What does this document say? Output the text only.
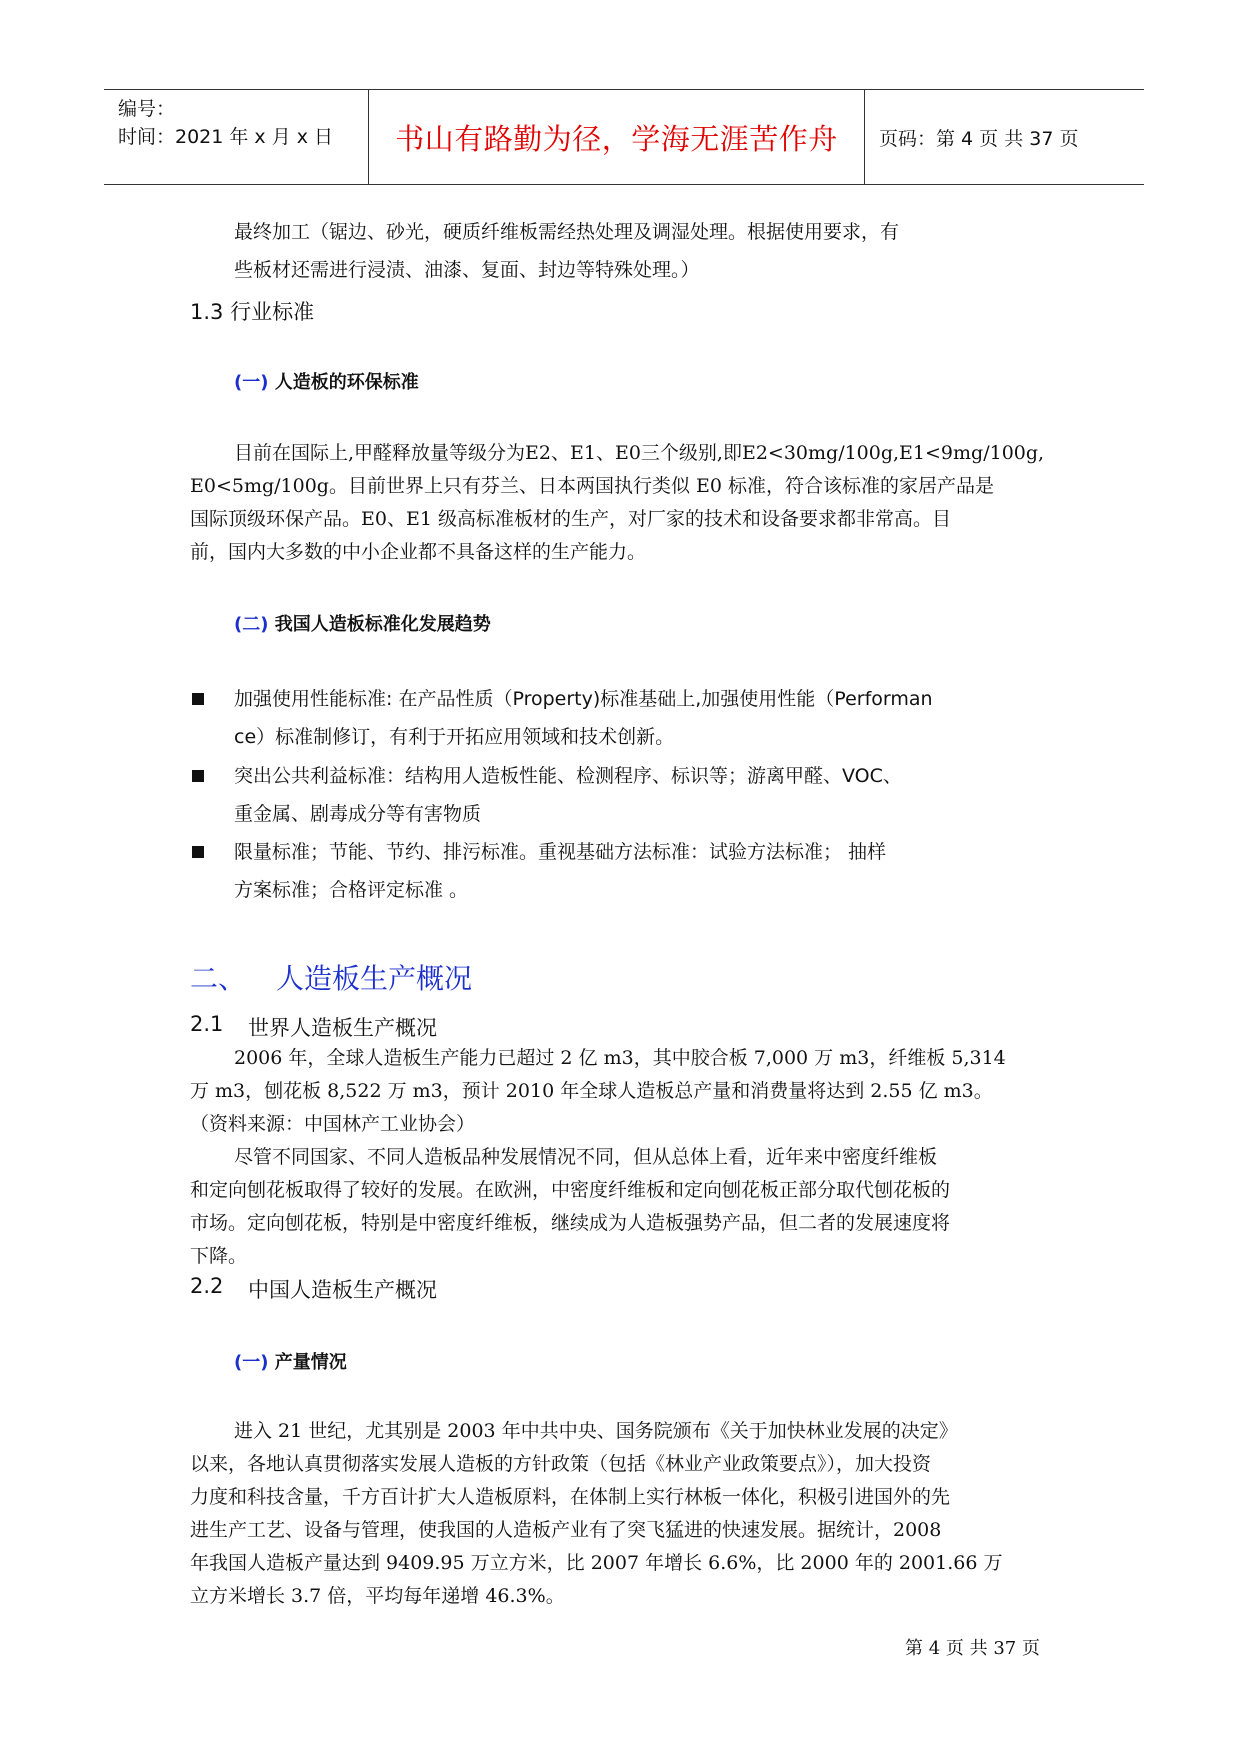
编号：
时间：2021 年 x 月 x 日 书山有路勤为径，学海无涯苦作舟 页码：第 4 页 共 37 页
最终加工（锯边、砂光，硬质纤维板需经热处理及调湿处理。根据使用要求，有
些板材还需进行浸渍、油漆、复面、封边等特殊处理。）
1.3 行业标准
(一) 人造板的环保标准
目前在国际上,甲醛释放量等级分为E2、E1、E0三个级别,即E2<30mg/100g,E1<9mg/100g,
E0<5mg/100g。目前世界上只有芬兰、日本两国执行类似 E0 标准，符合该标准的家居产品是
国际顶级环保产品。E0、E1 级高标准板材的生产，对厂家的技术和设备要求都非常高。目
前，国内大多数的中小企业都不具备这样的生产能力。
(二) 我国人造板标准化发展趋势
加强使用性能标准: 在产品性质（Property)标准基础上,加强使用性能（Performan
ce）标准制修订，有利于开拓应用领域和技术创新。
突出公共利益标准：结构用人造板性能、检测程序、标识等；游离甲醛、VOC、
重金属、剧毒成分等有害物质
限量标准；节能、节约、排污标准。重视基础方法标准：试验方法标准； 抽样
方案标准；合格评定标准 。
二、 人造板生产概况
2.1 世界人造板生产概况
2006 年，全球人造板生产能力已超过 2 亿 m3，其中胶合板 7,000 万 m3，纤维板 5,314
万 m3，刨花板 8,522 万 m3，预计 2010 年全球人造板总产量和消费量将达到 2.55 亿 m3。
（资料来源：中国林产工业协会）
尽管不同国家、不同人造板品种发展情况不同，但从总体上看，近年来中密度纤维板
和定向刨花板取得了较好的发展。在欧洲，中密度纤维板和定向刨花板正部分取代刨花板的
市场。定向刨花板，特别是中密度纤维板，继续成为人造板强势产品，但二者的发展速度将
下降。
2.2 中国人造板生产概况
(一) 产量情况
进入 21 世纪，尤其别是 2003 年中共中央、国务院颁布《关于加快林业发展的决定》
以来，各地认真贯彻落实发展人造板的方针政策（包括《林业产业政策要点》），加大投资
力度和科技含量，千方百计扩大人造板原料，在体制上实行林板一体化，积极引进国外的先
进生产工艺、设备与管理，使我国的人造板产业有了突飞猛进的快速发展。据统计，2008
年我国人造板产量达到 9409.95 万立方米，比 2007 年增长 6.6%，比 2000 年的 2001.66 万
立方米增长 3.7 倍，平均每年递增 46.3%。
第 4 页 共 37 页
